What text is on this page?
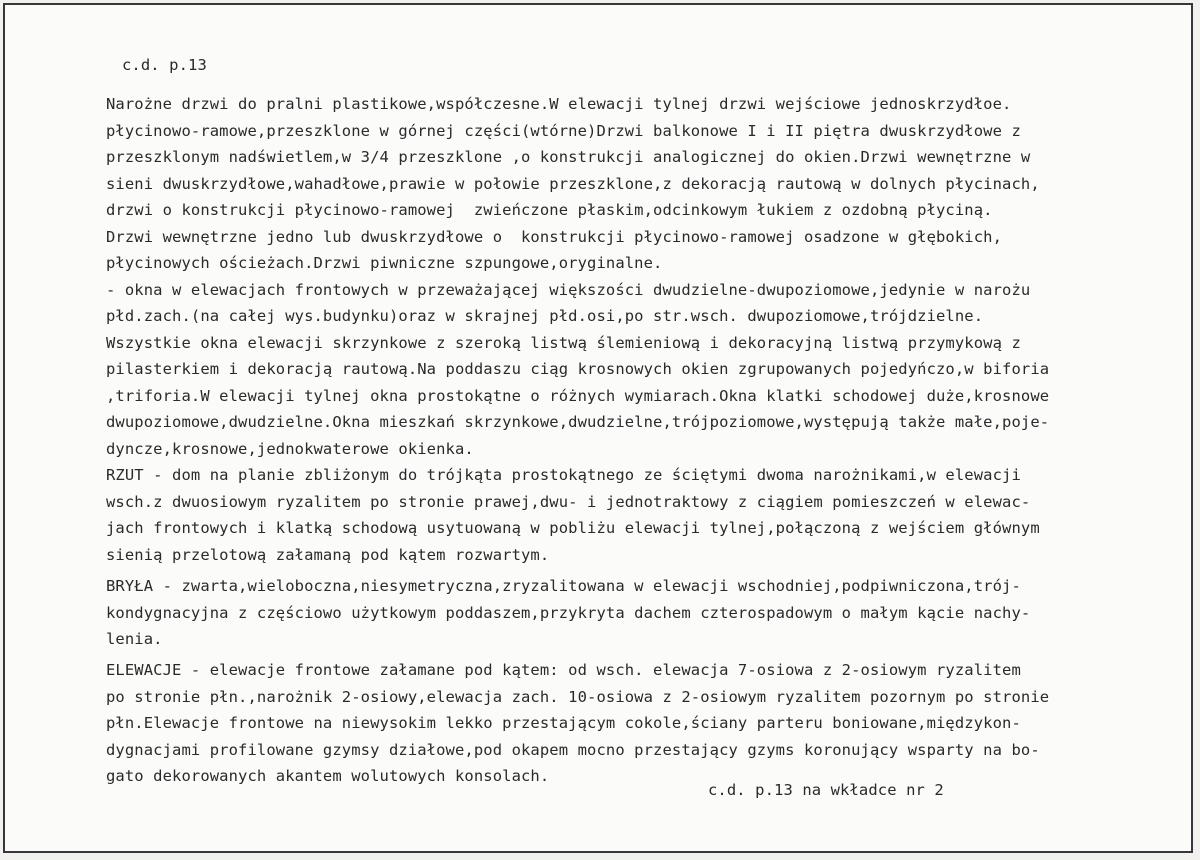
c.d. p.13
Narożne drzwi do pralni plastikowe,współczesne.W elewacji tylnej drzwi wejściowe jednoskrzydłoe.
płycinowo-ramowe,przeszklone w górnej części(wtórne)Drzwi balkonowe I i II piętra dwuskrzydłowe z
przeszklonym nadświetlem,w 3/4 przeszklone ,o konstrukcji analogicznej do okien.Drzwi wewnętrzne w
sieni dwuskrzydłowe,wahadłowe,prawie w połowie przeszklone,z dekoracją rautową w dolnych płycinach,
drzwi o konstrukcji płycinowo-ramowej  zwieńczone płaskim,odcinkowym łukiem z ozdobną płyciną.
Drzwi wewnętrzne jedno lub dwuskrzydłowe o  konstrukcji płycinowo-ramowej osadzone w głębokich,
płycinowych ościeżach.Drzwi piwniczne szpungowe,oryginalne.
- okna w elewacjach frontowych w przeważającej większości dwudzielne-dwupoziomowe,jedynie w narożu
płd.zach.(na całej wys.budynku)oraz w skrajnej płd.osi,po str.wsch. dwupoziomowe,trójdzielne.
Wszystkie okna elewacji skrzynkowe z szeroką listwą ślemieniową i dekoracyjną listwą przymykową z
pilasterkiem i dekoracją rautową.Na poddaszu ciąg krosnowych okien zgrupowanych pojedyńczo,w biforia
,triforia.W elewacji tylnej okna prostokątne o różnych wymiarach.Okna klatki schodowej duże,krosnowe
dwupoziomowe,dwudzielne.Okna mieszkań skrzynkowe,dwudzielne,trójpoziomowe,występują także małe,poje-
dyncze,krosnowe,jednokwaterowe okienka.
RZUT - dom na planie zbliżonym do trójkąta prostokątnego ze ściętymi dwoma narożnikami,w elewacji
wsch.z dwuosiowym ryzalitem po stronie prawej,dwu- i jednotraktowy z ciągiem pomieszczeń w elewac-
jach frontowych i klatką schodową usytuowaną w pobliżu elewacji tylnej,połączoną z wejściem głównym
sienią przelotową załamaną pod kątem rozwartym.
BRYŁA - zwarta,wieloboczna,niesymetryczna,zryzalitowana w elewacji wschodniej,podpiwniczona,trój-
kondygnacyjna z częściowo użytkowym poddaszem,przykryta dachem czterospadowym o małym kącie nachy-
lenia.
ELEWACJE - elewacje frontowe załamane pod kątem: od wsch. elewacja 7-osiowa z 2-osiowym ryzalitem
po stronie płn.,narożnik 2-osiowy,elewacja zach. 10-osiowa z 2-osiowym ryzalitem pozornym po stronie
płn.Elewacje frontowe na niewysokim lekko przestającym cokole,ściany parteru boniowane,międzykon-
dygnacjami profilowane gzymsy działowe,pod okapem mocno przestający gzyms koronujący wsparty na bo-
gato dekorowanych akantem wolutowych konsolach.
c.d. p.13 na wkładce nr 2
